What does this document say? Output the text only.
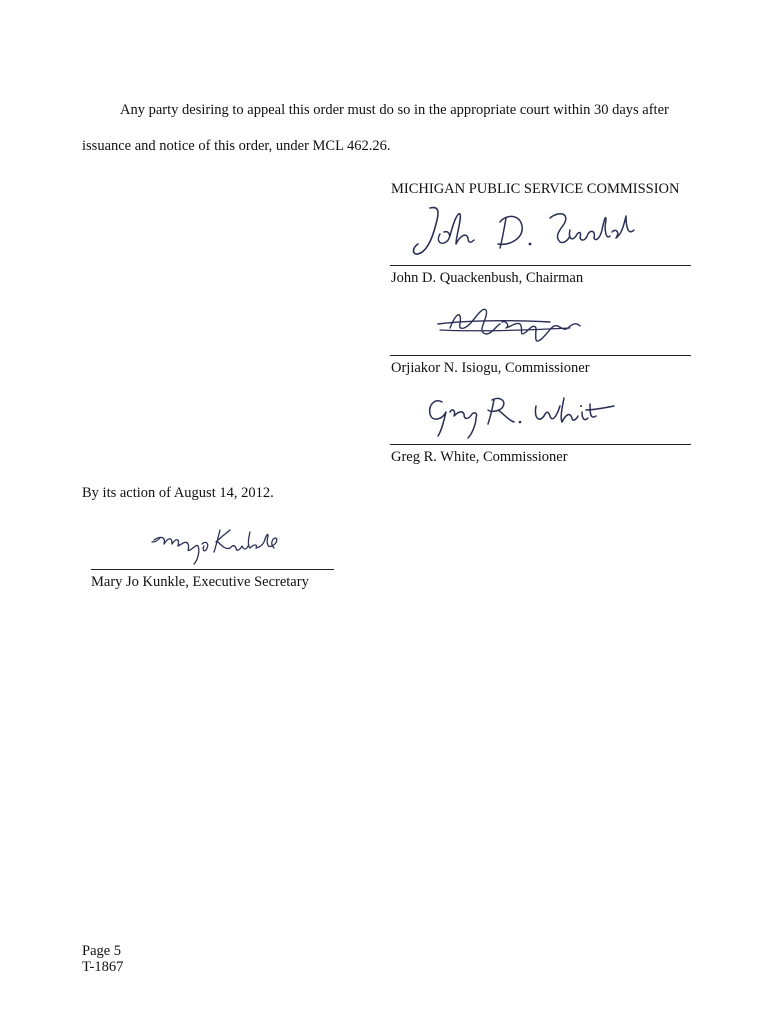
Any party desiring to appeal this order must do so in the appropriate court within 30 days after
issuance and notice of this order, under MCL 462.26.
MICHIGAN PUBLIC SERVICE COMMISSION
John D. Quackenbush, Chairman
Orjiakor N. Isiogu, Commissioner
Greg R. White, Commissioner
By its action of August 14, 2012.
Mary Jo Kunkle, Executive Secretary
Page 5
T-1867
